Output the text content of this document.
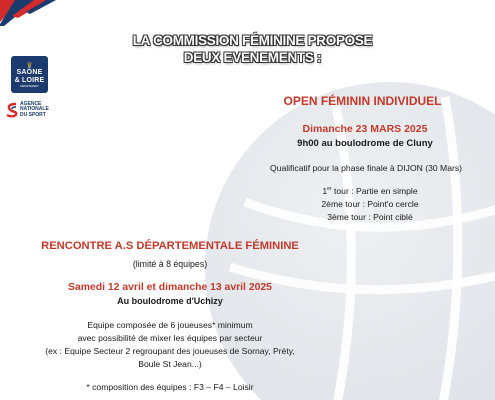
♛
SAÔNE
& LOIRE
DÉPARTEMENT
AGENCE
NATIONALE
DU SPORT
LA COMMISSION FÉMININE PROPOSE
DEUX EVENEMENTS :
OPEN FÉMININ INDIVIDUEL
Dimanche 23 MARS 2025
9h00 au boulodrome de Cluny
Qualificatif pour la phase finale à DIJON (30 Mars)
1er tour : Partie en simple
2ème tour : Point'o cercle
3ème tour : Point ciblé
RENCONTRE A.S DÉPARTEMENTALE FÉMININE
(limité à 8 équipes)
Samedi 12 avril et dimanche 13 avril 2025
Au boulodrome d'Uchizy
Equipe composée de 6 joueuses* minimum
avec possibilité de mixer les équipes par secteur
(ex : Equipe Secteur 2 regroupant des joueuses de Sornay, Préty,
Boule St Jean...)
* composition des équipes : F3 – F4 – Loisir
